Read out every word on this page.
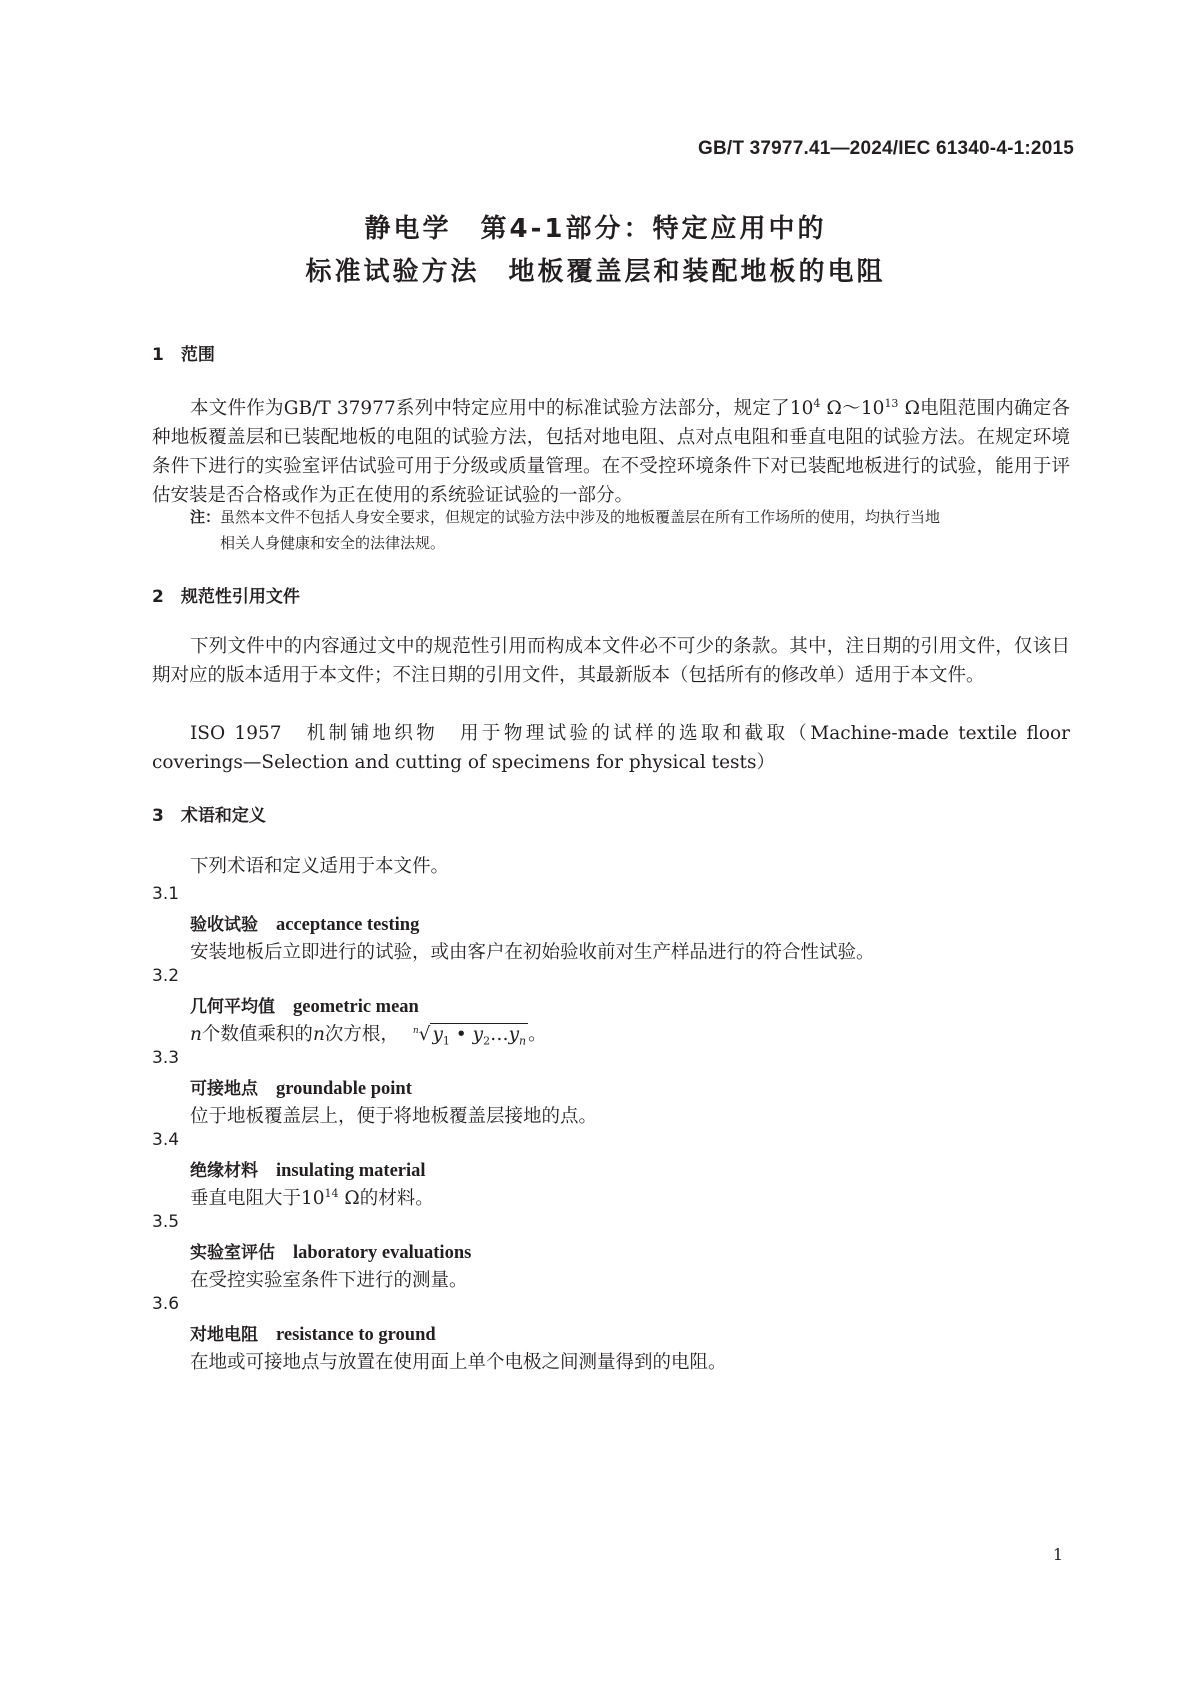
GB/T 37977.41—2024/IEC 61340-4-1:2015
静电学　第4-1部分：特定应用中的
标准试验方法　地板覆盖层和装配地板的电阻
1　范围

本文件作为GB/T 37977系列中特定应用中的标准试验方法部分，规定了$10^4$ $\Omega\sim 10^{13}$ Ω电阻范围内确定各种地板覆盖层和已装配地板的电阻的试验方法，包括对地电阻、点对点电阻和垂直电阻的试验方法。在规定环境条件下进行的实验室评估试验可用于分级或质量管理。在不受控环境条件下对已装配地板进行的试验，能用于评估安装是否合格或作为正在使用的系统验证试验的一部分。

注：虽然本文件不包括人身安全要求，但规定的试验方法中涉及的地板覆盖层在所有工作场所的使用，均执行当地
相关人身健康和安全的法律法规。
2　规范性引用文件

下列文件中的内容通过文中的规范性引用而构成本文件必不可少的条款。其中，注日期的引用文件，仅该日期对应的版本适用于本文件；不注日期的引用文件，其最新版本（包括所有的修改单）适用于本文件。

ISO 1957　机制铺地织物　用于物理试验的试样的选取和截取（Machine-made textile floor coverings—Selection and cutting of specimens for physical tests）

3　术语和定义

下列术语和定义适用于本文件。

3.1
验收试验 acceptance testing
安装地板后立即进行的试验，或由客户在初始验收前对生产样品进行的符合性试验。
3.2
几何平均值 geometric mean
n个数值乘积的n次方根， $^n$√ $y_1$ • $y_2\dots y_n$ 。
3.3
可接地点 groundable point
位于地板覆盖层上，便于将地板覆盖层接地的点。
3.4
绝缘材料 insulating material
垂直电阻大于$10^{14}$ Ω的材料。
3.5
实验室评估 laboratory evaluations
在受控实验室条件下进行的测量。
3.6
对地电阻 resistance to ground
在地或可接地点与放置在使用面上单个电极之间测量得到的电阻。
1
